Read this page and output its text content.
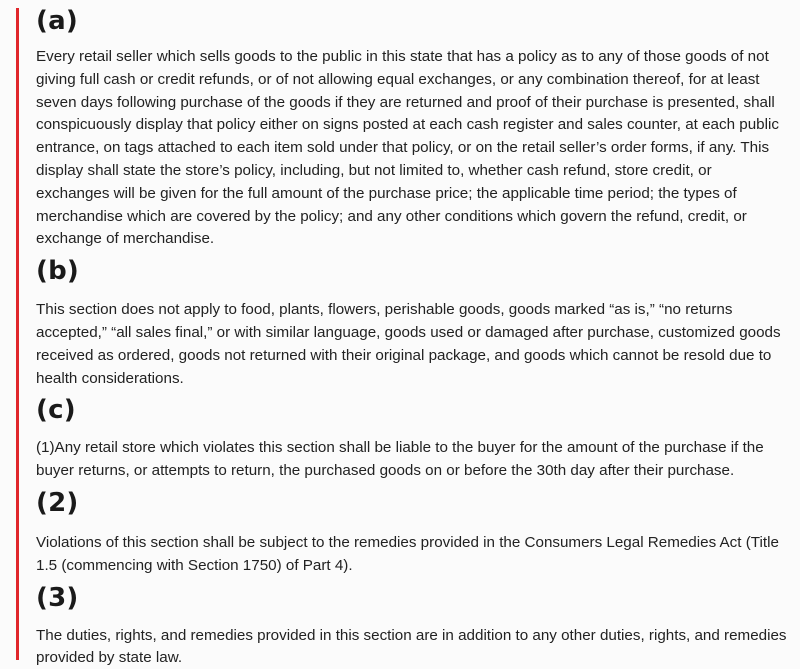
(a)

Every retail seller which sells goods to the public in this state that has a policy as to any of those goods of not giving full cash or credit refunds, or of not allowing equal exchanges, or any combination thereof, for at least seven days following purchase of the goods if they are returned and proof of their purchase is presented, shall conspicuously display that policy either on signs posted at each cash register and sales counter, at each public entrance, on tags attached to each item sold under that policy, or on the retail seller’s order forms, if any. This display shall state the store’s policy, including, but not limited to, whether cash refund, store credit, or exchanges will be given for the full amount of the purchase price; the applicable time period; the types of merchandise which are covered by the policy; and any other conditions which govern the refund, credit, or exchange of merchandise.

(b)

This section does not apply to food, plants, flowers, perishable goods, goods marked “as is,” “no returns accepted,” “all sales final,” or with similar language, goods used or damaged after purchase, customized goods received as ordered, goods not returned with their original package, and goods which cannot be resold due to health considerations.

(c)

(1)Any retail store which violates this section shall be liable to the buyer for the amount of the purchase if the buyer returns, or attempts to return, the purchased goods on or before the 30th day after their purchase.

(2)

Violations of this section shall be subject to the remedies provided in the Consumers Legal Remedies Act (Title 1.5 (commencing with Section 1750) of Part 4).

(3)

The duties, rights, and remedies provided in this section are in addition to any other duties, rights, and remedies provided by state law.
